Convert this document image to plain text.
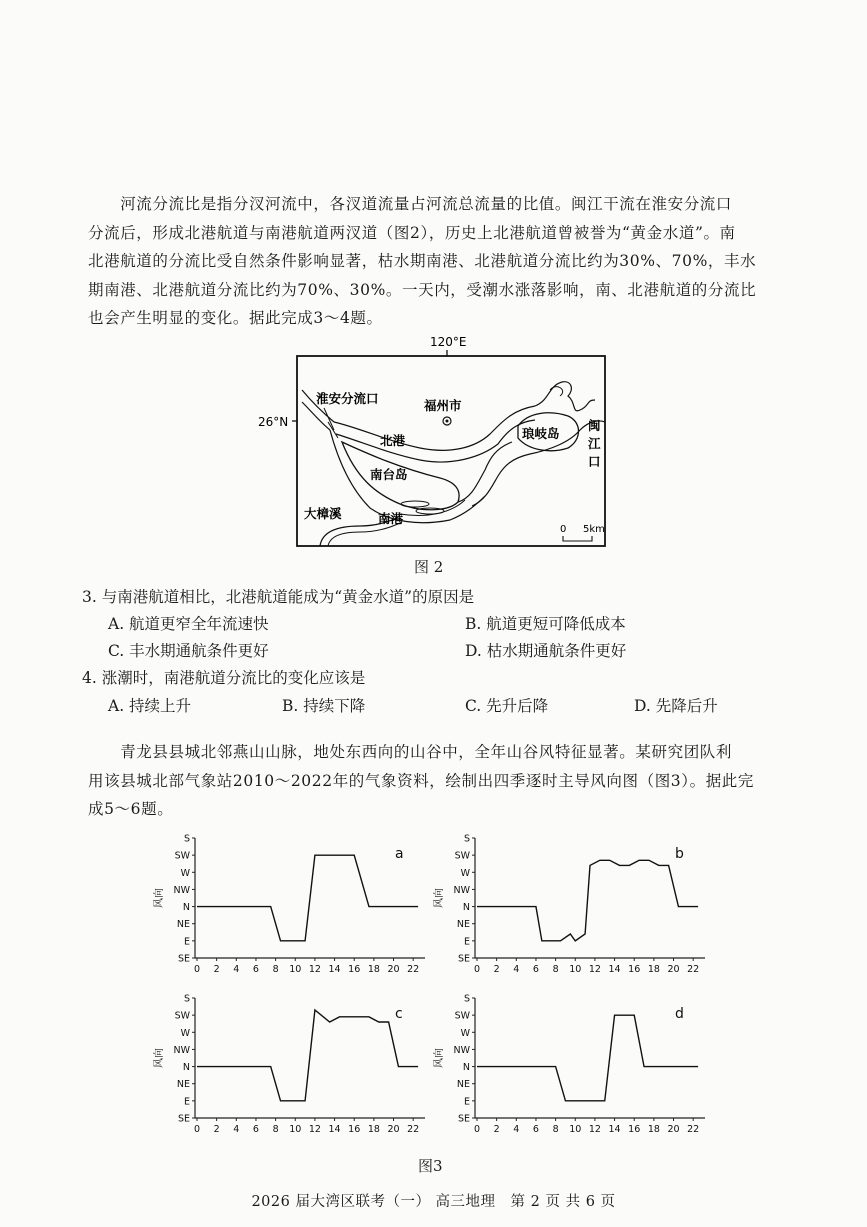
　　河流分流比是指分汊河流中，各汊道流量占河流总流量的比值。闽江干流在淮安分流口
分流后，形成北港航道与南港航道两汊道（图2），历史上北港航道曾被誉为“黄金水道”。南
北港航道的分流比受自然条件影响显著，枯水期南港、北港航道分流比约为30%、70%，丰水
期南港、北港航道分流比约为70%、30%。一天内，受潮水涨落影响，南、北港航道的分流比
也会产生明显的变化。据此完成3～4题。
120°E
26°N
淮安分流口	福州市
北港
南台岛
琅岐岛
闽
江
口
大樟溪	南港
0 5km
图 2
3. 与南港航道相比，北港航道能成为“黄金水道”的原因是
A. 航道更窄全年流速快	B. 航道更短可降低成本
C. 丰水期通航条件更好	D. 枯水期通航条件更好
4. 涨潮时，南港航道分流比的变化应该是
A. 持续上升	B. 持续下降	C. 先升后降	D. 先降后升
　　青龙县县城北邻燕山山脉，地处东西向的山谷中，全年山谷风特征显著。某研究团队利
用该县城北部气象站2010～2022年的气象资料，绘制出四季逐时主导风向图（图3）。据此完
成5～6题。
SE
E
NE
N
NW
W
SW
S
0 2 4 6 8 10 12 14 16 18 20 22
风向
a
SE
E
NE
N
NW
W
SW
S
0 2 4 6 8 10 12 14 16 18 20 22
风向
b
SE
E
NE
N
NW
W
SW
S
0 2 4 6 8 10 12 14 16 18 20 22
风向
c
SE
E
NE
N
NW
W
SW
S
0 2 4 6 8 10 12 14 16 18 20 22
风向
d
图3
2026 届大湾区联考（一） 高三地理　第 2 页 共 6 页
